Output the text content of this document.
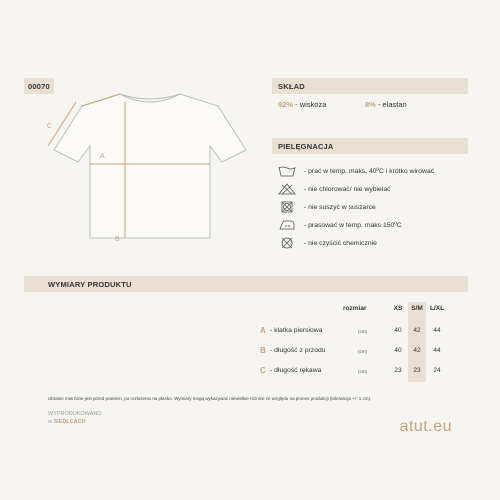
00070
A
B
C
SKŁAD
92% - wiskoza	8% - elastan
PIELĘGNACJA
- prać w temp. maks. 40ºC i krótko wirować
- nie chlorować/ nie wybielać
- nie suszyć w suszarce
- prasować w temp. maks 150ºC
- nie czyścić chemicznie
WYMIARY PRODUKTU
rozmiar	XS	S/M	L/XL
A - klatka piersiowa	(cm)	40	42	44
B - długość z przodu	(cm)	40	42	44
C - długość rękawa	(cm)	23	23	24
Ubranie mierzone jest przed praniem, po rozłożeniu na płasko. Wymiary mogą wykazywać niewielkie różnice ze względu na proces produkcji (tolerancja +/- 1 cm).
WYPRODUKOWANO
w SIEDLCACH	atut.eu
